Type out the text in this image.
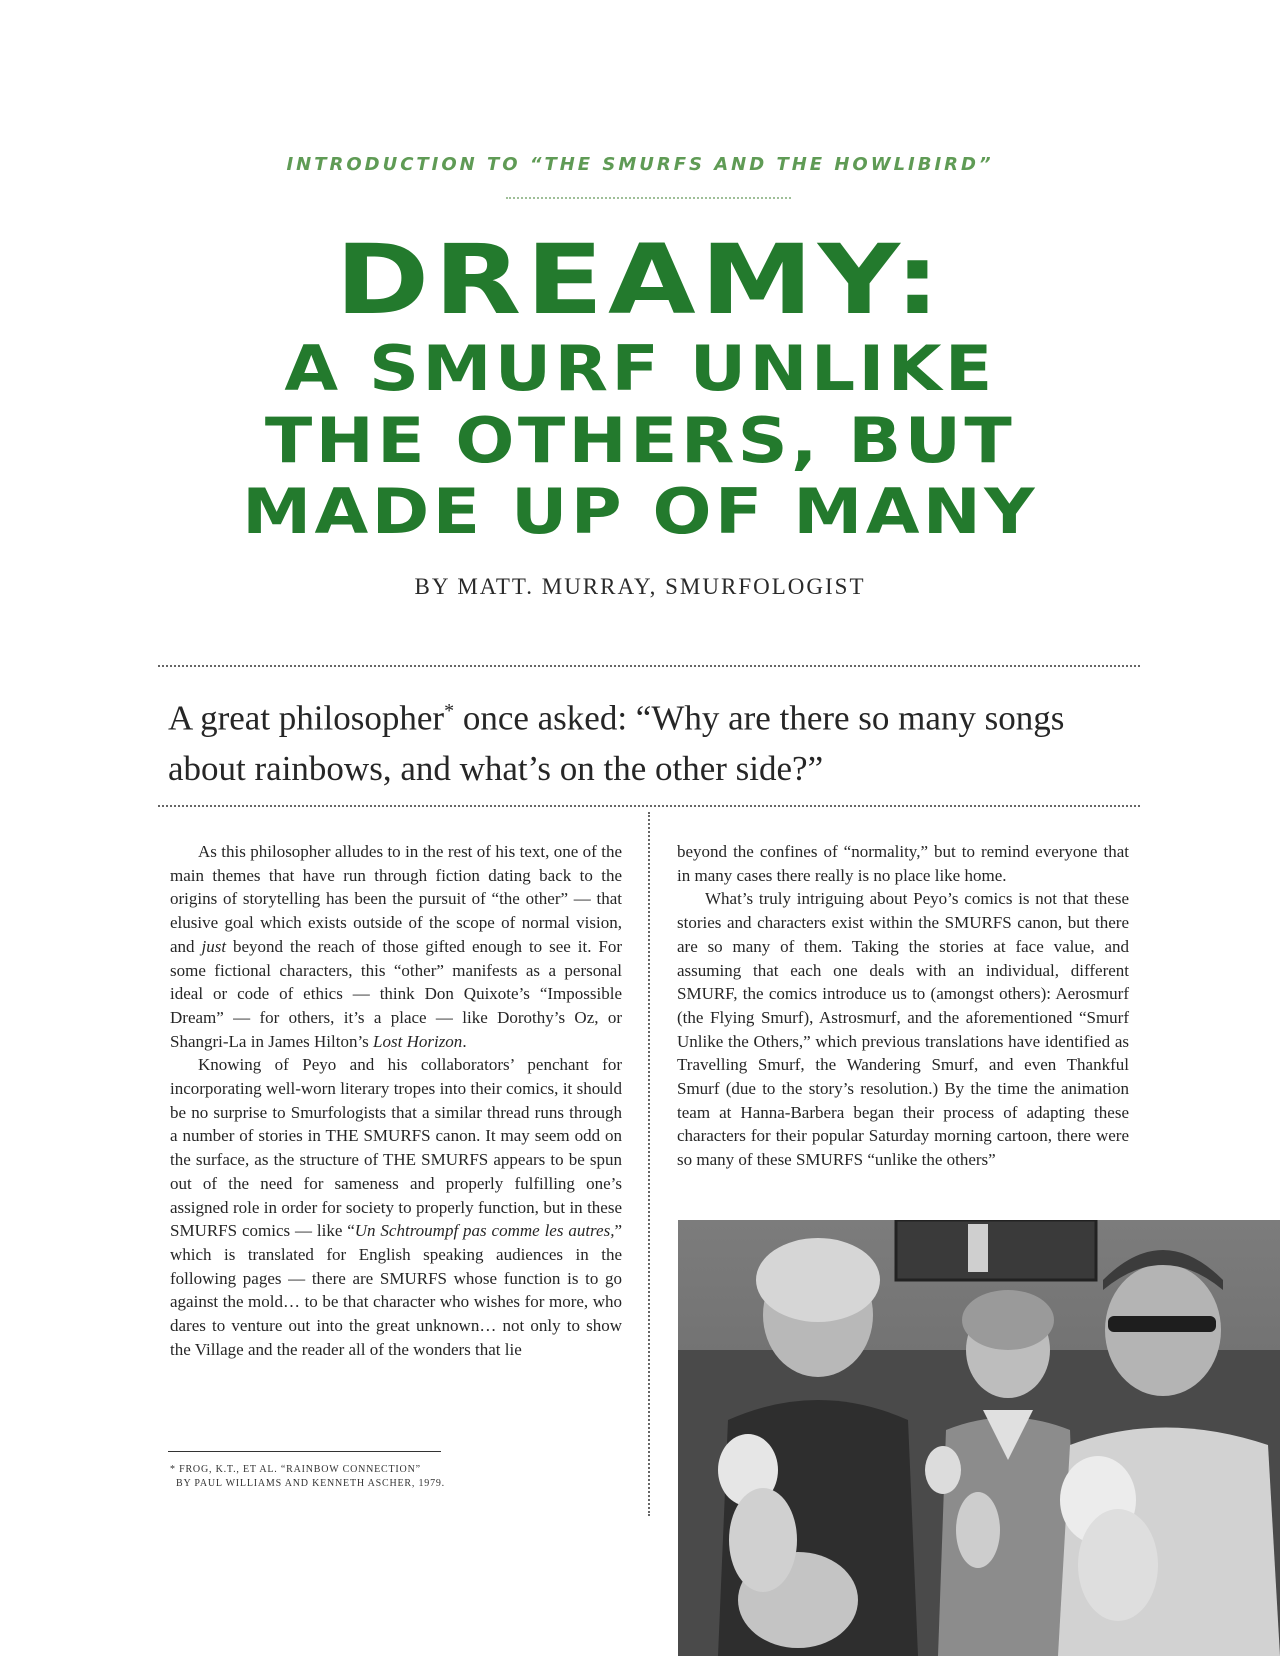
INTRODUCTION TO “THE SMURFS AND THE HOWLIBIRD”
DREAMY:
A SMURF UNLIKE
THE OTHERS, BUT
MADE UP OF MANY
BY MATT. MURRAY, SMURFOLOGIST

A great philosopher* once asked: “Why are there so many songs about rainbows, and what’s on the other side?”

As this philosopher alludes to in the rest of his text, one of the main themes that have run through fiction dating back to the origins of storytelling has been the pursuit of “the other” — that elusive goal which exists outside of the scope of normal vision, and just beyond the reach of those gifted enough to see it. For some fictional characters, this “other” manifests as a personal ideal or code of ethics — think Don Quixote’s “Impossible Dream” — for others, it’s a place — like Dorothy’s Oz, or Shangri-La in James Hilton’s Lost Horizon.

Knowing of Peyo and his collaborators’ penchant for incorporating well-worn literary tropes into their comics, it should be no surprise to Smurfologists that a similar thread runs through a number of stories in THE SMURFS canon. It may seem odd on the surface, as the structure of THE SMURFS appears to be spun out of the need for sameness and properly fulfilling one’s assigned role in order for society to properly function, but in these SMURFS comics — like “Un Schtroumpf pas comme les autres,” which is translated for English speaking audiences in the following pages — there are SMURFS whose function is to go against the mold… to be that character who wishes for more, who dares to venture out into the great unknown… not only to show the Village and the reader all of the wonders that lie

beyond the confines of “normality,” but to remind everyone that in many cases there really is no place like home.

What’s truly intriguing about Peyo’s comics is not that these stories and characters exist within the SMURFS canon, but there are so many of them. Taking the stories at face value, and assuming that each one deals with an individual, different SMURF, the comics introduce us to (amongst others): Aerosmurf (the Flying Smurf), Astrosmurf, and the aforementioned “Smurf Unlike the Others,” which previous translations have identified as Travelling Smurf, the Wandering Smurf, and even Thankful Smurf (due to the story’s resolution.) By the time the animation team at Hanna-Barbera began their process of adapting these characters for their popular Saturday morning cartoon, there were so many of these SMURFS “unlike the others”

* FROG, K.T., ET AL. “RAINBOW CONNECTION”
BY PAUL WILLIAMS AND KENNETH ASCHER, 1979.
